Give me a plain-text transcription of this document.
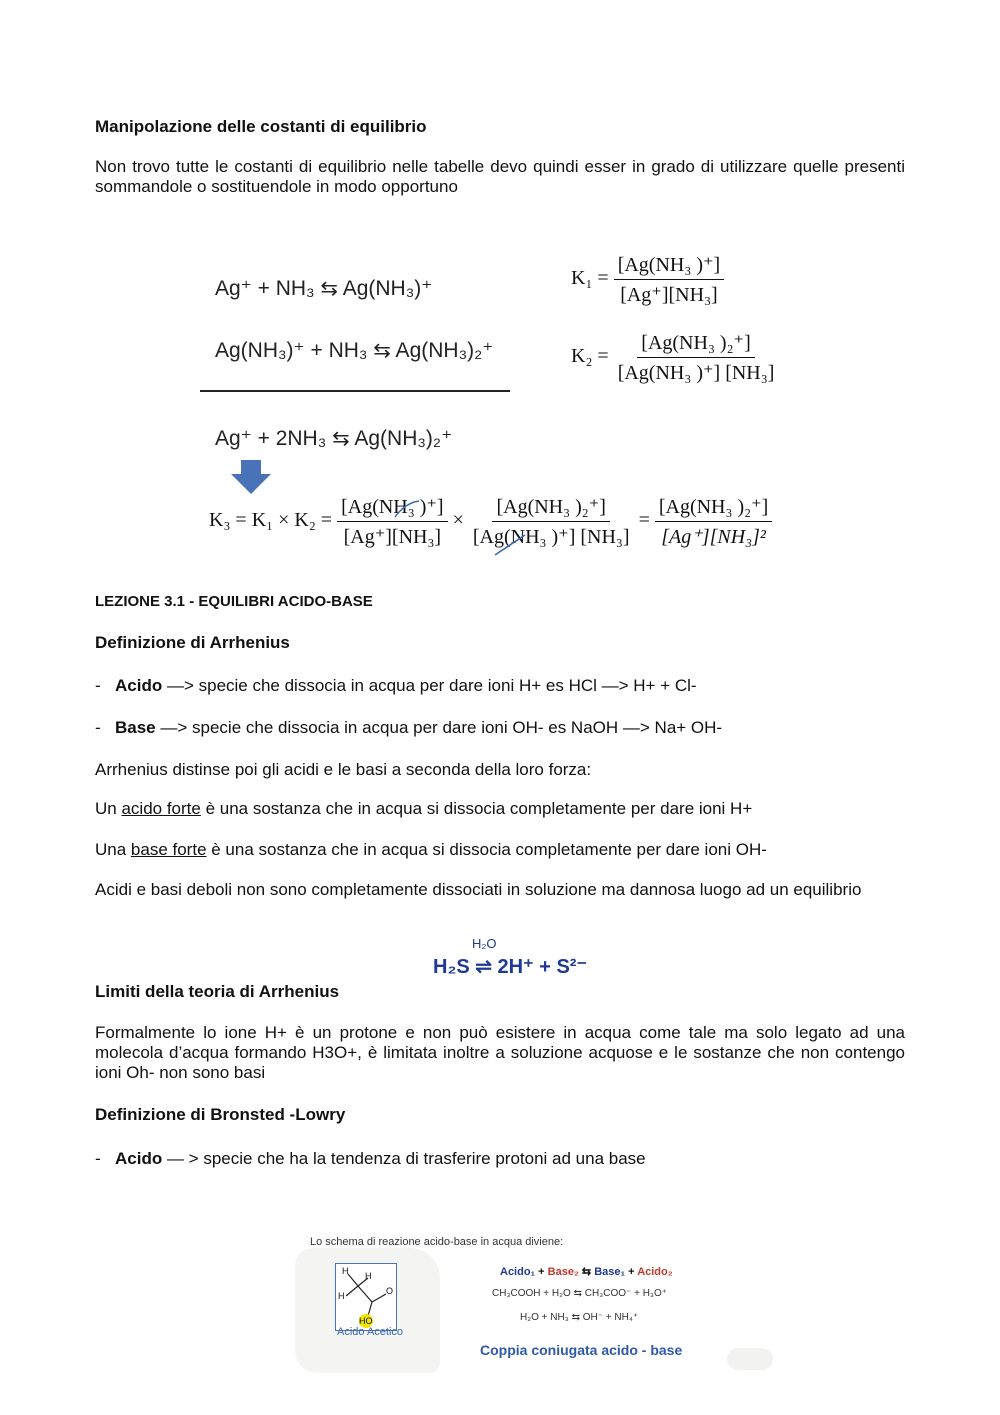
Manipolazione delle costanti di equilibrio
Non trovo tutte le costanti di equilibrio nelle tabelle devo quindi esser in grado di utilizzare quelle presenti sommandole o sostituendole in modo opportuno
Ag⁺ + NH₃ ⇆ Ag(NH₃)⁺
Ag(NH₃)⁺ + NH₃ ⇆ Ag(NH₃)₂⁺
Ag⁺ + 2NH₃ ⇆ Ag(NH₃)₂⁺
$K_1 = \frac{\text{[Ag(NH₃ )⁺]}}{\text{[Ag⁺][NH₃]}}$
$K_2 = \frac{\text{[Ag(NH₃ )₂⁺]}}{\text{[Ag(NH₃ )⁺] [NH₃]}}$
$K_3 = K_1 \times K_2 = \frac{\text{[Ag(NH₃ )⁺]}}{\text{[Ag⁺][NH₃]}} \times \frac{\text{[Ag(NH₃ )₂⁺]}}{\text{[Ag(NH₃ )⁺] [NH₃]}} = \frac{\text{[Ag(NH₃ )₂⁺]}}{\text{[Ag⁺][NH₃]²}}$
LEZIONE 3.1 - EQUILIBRI ACIDO-BASE
Definizione di Arrhenius
- Acido —> specie che dissocia in acqua per dare ioni H+ es HCl —> H+ + Cl-
- Base —> specie che dissocia in acqua per dare ioni OH- es NaOH —> Na+ OH-
Arrhenius distinse poi gli acidi e le basi a seconda della loro forza:
Un acido forte è una sostanza che in acqua si dissocia completamente per dare ioni H+
Una base forte è una sostanza che in acqua si dissocia completamente per dare ioni OH-
Acidi e basi deboli non sono completamente dissociati in soluzione ma dannosa luogo ad un equilibrio
H₂O
H₂S ⇌ 2H⁺ + S²⁻
Limiti della teoria di Arrhenius
Formalmente lo ione H+ è un protone e non può esistere in acqua come tale ma solo legato ad una molecola d’acqua formando H3O+, è limitata inoltre a soluzione acquose e le sostanze che non contengo ioni Oh- non sono basi
Definizione di Bronsted -Lowry
- Acido — > specie che ha la tendenza di trasferire protoni ad una base
Lo schema di reazione acido-base in acqua diviene:
H H
H	O
HO
Acido Acetico
Acido₁ + Base₂ ⇆ Base₁ + Acido₂
CH₃COOH + H₂O ⇆ CH₃COO⁻ + H₃O⁺
H₂O + NH₃ ⇆ OH⁻ + NH₄⁺
Coppia coniugata acido - base
